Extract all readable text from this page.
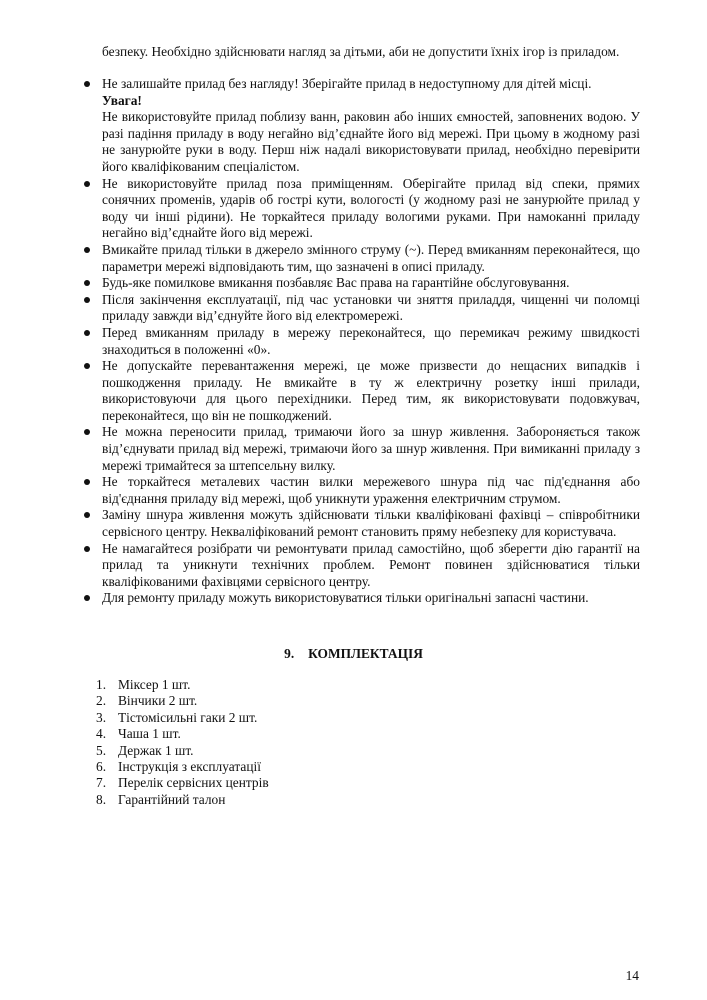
безпеку. Необхідно здійснювати нагляд за дітьми, аби не допустити їхніх ігор із приладом.
Не залишайте прилад без нагляду! Зберігайте прилад в недоступному для дітей місці.
Увага!
Не використовуйте прилад поблизу ванн, раковин або інших ємностей, заповнених водою. У разі падіння приладу в воду негайно від’єднайте його від мережі. При цьому в жодному разі не занурюйте руки в воду. Перш ніж надалі використовувати прилад, необхідно перевірити його кваліфікованим спеціалістом.
Не використовуйте прилад поза приміщенням. Оберігайте прилад від спеки, прямих сонячних променів, ударів об гострі кути, вологості (у жодному разі не занурюйте прилад у воду чи інші рідини). Не торкайтеся приладу вологими руками. При намоканні приладу негайно від’єднайте його від мережі.
Вмикайте прилад тільки в джерело змінного струму (~). Перед вмиканням переконайтеся, що параметри мережі відповідають тим, що зазначені в описі приладу.
Будь-яке помилкове вмикання позбавляє Вас права на гарантійне обслуговування.
Після закінчення експлуатації, під час установки чи зняття приладдя, чищенні чи поломці приладу завжди від’єднуйте його від електромережі.
Перед вмиканням приладу в мережу переконайтеся, що перемикач режиму швидкості знаходиться в положенні «0».
Не допускайте перевантаження мережі, це може призвести до нещасних випадків і пошкодження приладу. Не вмикайте в ту ж електричну розетку інші прилади, використовуючи для цього перехідники. Перед тим, як використовувати подовжувач, переконайтеся, що він не пошкоджений.
Не можна переносити прилад, тримаючи його за шнур живлення. Забороняється також від’єднувати прилад від мережі, тримаючи його за шнур живлення. При вимиканні приладу з мережі тримайтеся за штепсельну вилку.
Не торкайтеся металевих частин вилки мережевого шнура під час під'єднання або від'єднання приладу від мережі, щоб уникнути ураження електричним струмом.
Заміну шнура живлення можуть здійснювати тільки кваліфіковані фахівці – співробітники сервісного центру. Некваліфікований ремонт становить пряму небезпеку для користувача.
Не намагайтеся розібрати чи ремонтувати прилад самостійно, щоб зберегти дію гарантії на прилад та уникнути технічних проблем. Ремонт повинен здійснюватися тільки кваліфікованими фахівцями сервісного центру.
Для ремонту приладу можуть використовуватися тільки оригінальні запасні частини.
9. КОМПЛЕКТАЦІЯ
1. Міксер 1 шт.
2. Вінчики 2 шт.
3. Тістомісильні гаки 2 шт.
4. Чаша 1 шт.
5. Держак 1 шт.
6. Інструкція з експлуатації
7. Перелік сервісних центрів
8. Гарантійний талон
14
